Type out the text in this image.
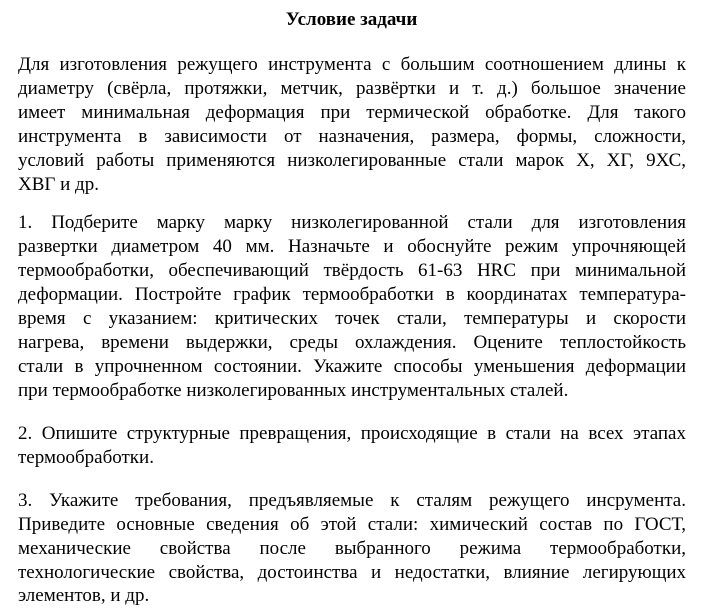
Условие задачи
Для изготовления режущего инструмента с большим соотношением длины к
диаметру (свёрла, протяжки, метчик, развёртки и т. д.) большое значение
имеет минимальная деформация при термической обработке. Для такого
инструмента в зависимости от назначения, размера, формы, сложности,
условий работы применяются низколегированные стали марок Х, ХГ, 9ХС,
ХВГ и др.
1. Подберите марку марку низколегированной стали для изготовления
развертки диаметром 40 мм. Назначьте и обоснуйте режим упрочняющей
термообработки, обеспечивающий твёрдость 61-63 HRC при минимальной
деформации. Постройте график термообработки в координатах температура-
время с указанием: критических точек стали, температуры и скорости
нагрева, времени выдержки, среды охлаждения. Оцените теплостойкость
стали в упрочненном состоянии. Укажите способы уменьшения деформации
при термообработке низколегированных инструментальных сталей.
2. Опишите структурные превращения, происходящие в стали на всех этапах
термообработки.
3. Укажите требования, предъявляемые к сталям режущего инсрумента.
Приведите основные сведения об этой стали: химический состав по ГОСТ,
механические свойства после выбранного режима термообработки,
технологические свойства, достоинства и недостатки, влияние легирующих
элементов, и др.
